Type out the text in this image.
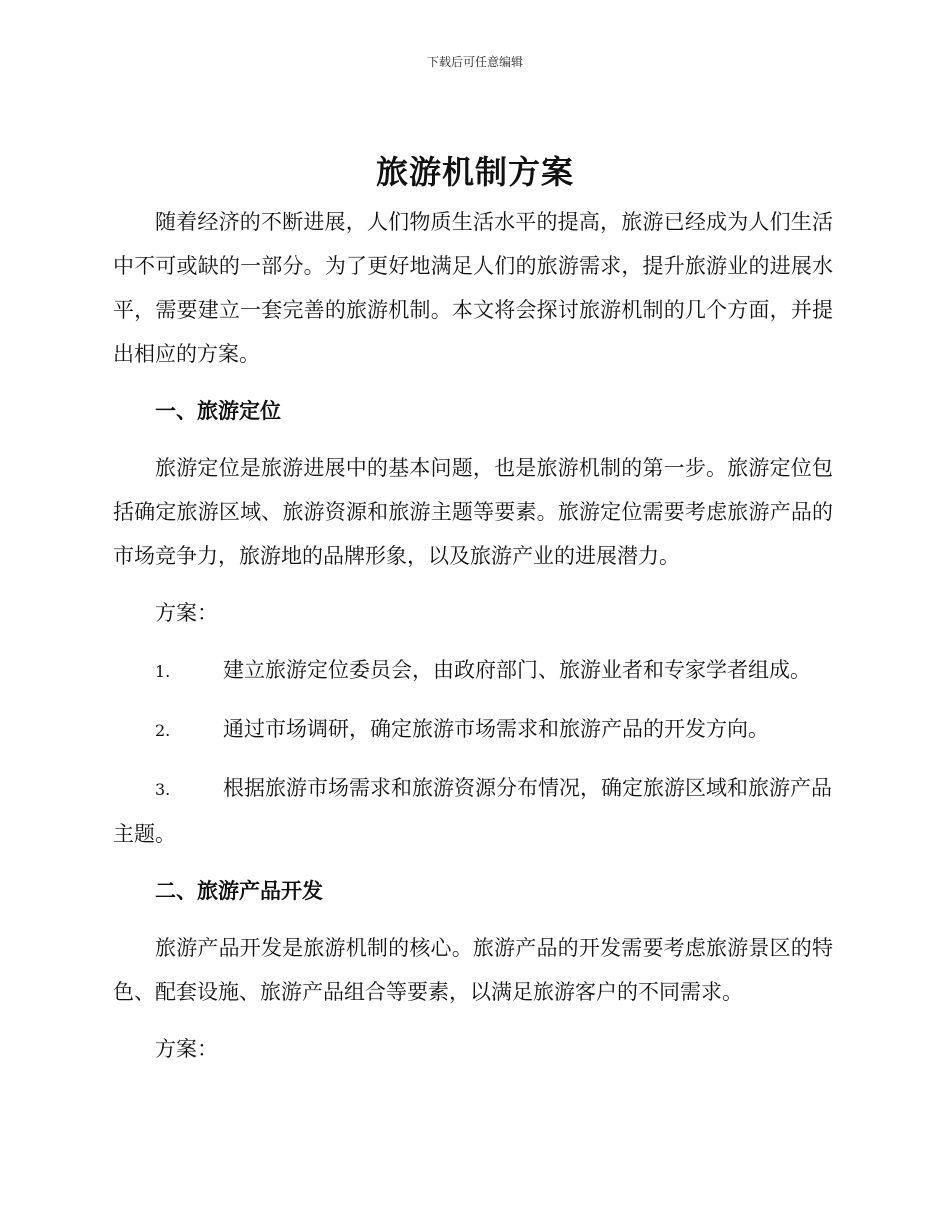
下载后可任意编辑
旅游机制方案

随着经济的不断进展，人们物质生活水平的提高，旅游已经成为人们生活中不可或缺的一部分。为了更好地满足人们的旅游需求，提升旅游业的进展水平，需要建立一套完善的旅游机制。本文将会探讨旅游机制的几个方面，并提出相应的方案。

一、旅游定位

旅游定位是旅游进展中的基本问题，也是旅游机制的第一步。旅游定位包括确定旅游区域、旅游资源和旅游主题等要素。旅游定位需要考虑旅游产品的市场竞争力，旅游地的品牌形象，以及旅游产业的进展潜力。

方案：

1.	建立旅游定位委员会，由政府部门、旅游业者和专家学者组成。

2.	通过市场调研，确定旅游市场需求和旅游产品的开发方向。

3.	根据旅游市场需求和旅游资源分布情况，确定旅游区域和旅游产品主题。

二、旅游产品开发

旅游产品开发是旅游机制的核心。旅游产品的开发需要考虑旅游景区的特色、配套设施、旅游产品组合等要素，以满足旅游客户的不同需求。

方案：
